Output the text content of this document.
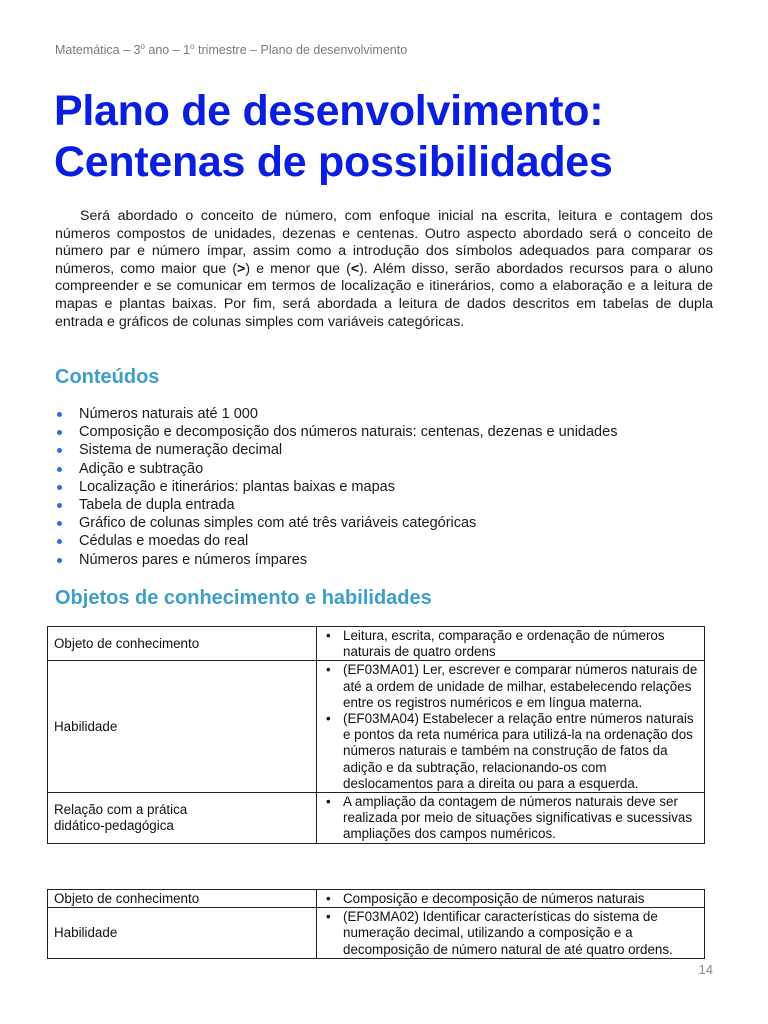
Matemática – 3$^o$ ano – 1$^o$ trimestre – Plano de desenvolvimento
Plano de desenvolvimento:
Centenas de possibilidades

Será abordado o conceito de número, com enfoque inicial na escrita, leitura e contagem dos números compostos de unidades, dezenas e centenas. Outro aspecto abordado será o conceito de número par e número ímpar, assim como a introdução dos símbolos adequados para comparar os números, como maior que (>) e menor que (<). Além disso, serão abordados recursos para o aluno compreender e se comunicar em termos de localização e itinerários, como a elaboração e a leitura de mapas e plantas baixas. Por fim, será abordada a leitura de dados descritos em tabelas de dupla entrada e gráficos de colunas simples com variáveis categóricas.

Conteúdos
Números naturais até 1 000
Composição e decomposição dos números naturais: centenas, dezenas e unidades
Sistema de numeração decimal
Adição e subtração
Localização e itinerários: plantas baixas e mapas
Tabela de dupla entrada
Gráfico de colunas simples com até três variáveis categóricas
Cédulas e moedas do real
Números pares e números ímpares
Objetos de conhecimento e habilidades
Objeto de conhecimento	• Leitura, escrita, comparação e ordenação de números naturais de quatro ordens

Habilidade	• (EF03MA01) Ler, escrever e comparar números naturais de até a ordem de unidade de milhar, estabelecendo relações entre os registros numéricos e em língua materna.
• (EF03MA04) Estabelecer a relação entre números naturais e pontos da reta numérica para utilizá-la na ordenação dos números naturais e também na construção de fatos da adição e da subtração, relacionando-os com deslocamentos para a direita ou para a esquerda.

Relação com a prática
didático-pedagógica	• A ampliação da contagem de números naturais deve ser realizada por meio de situações significativas e sucessivas ampliações dos campos numéricos.
Objeto de conhecimento	• Composição e decomposição de números naturais

Habilidade	• (EF03MA02) Identificar características do sistema de numeração decimal, utilizando a composição e a decomposição de número natural de até quatro ordens.
14
